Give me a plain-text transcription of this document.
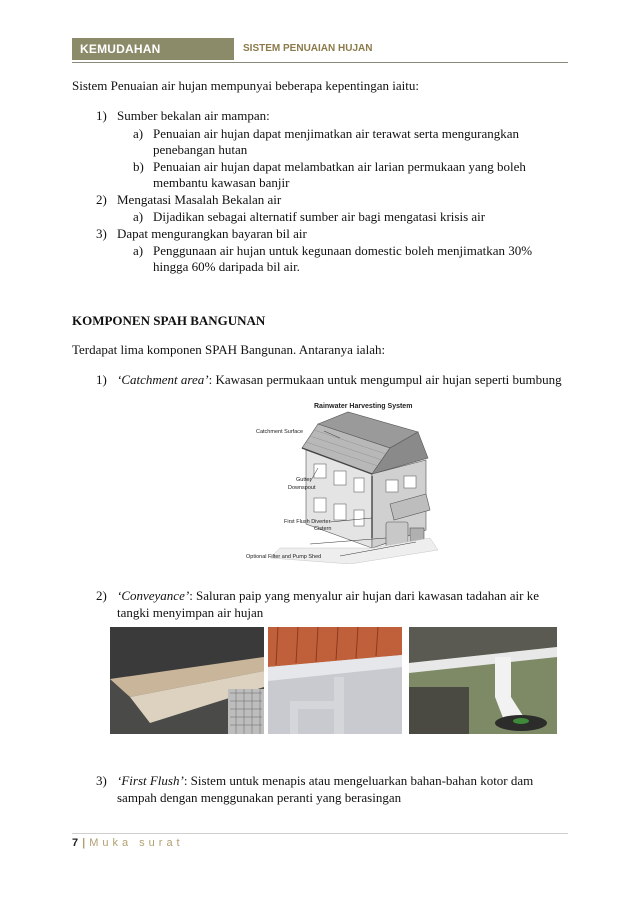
KEMUDAHAN BANGUNAN
SISTEM PENUAIAN HUJAN
Sistem Penuaian air hujan mempunyai beberapa kepentingan iaitu:
1) Sumber bekalan air mampan:
a) Penuaian air hujan dapat menjimatkan air terawat serta mengurangkan
penebangan hutan
b) Penuaian air hujan dapat melambatkan air larian permukaan yang boleh
membantu kawasan banjir
2) Mengatasi Masalah Bekalan air
a) Dijadikan sebagai alternatif sumber air bagi mengatasi krisis air
3) Dapat mengurangkan bayaran bil air
a) Penggunaan air hujan untuk kegunaan domestic boleh menjimatkan 30%
hingga 60% daripada bil air.
KOMPONEN SPAH BANGUNAN
Terdapat lima komponen SPAH Bangunan. Antaranya ialah:
1) ‘Catchment area’: Kawasan permukaan untuk mengumpul air hujan seperti bumbung
Rainwater Harvesting System
Catchment Surface
Gutter
Downspout
First Flush Diverter
Cistern
Optional Filter and Pump Shed
2) ‘Conveyance’: Saluran paip yang menyalur air hujan dari kawasan tadahan air ke
tangki menyimpan air hujan
3) ‘First Flush’: Sistem untuk menapis atau mengeluarkan bahan-bahan kotor dam
sampah dengan menggunakan peranti yang berasingan
7 | Muka surat
